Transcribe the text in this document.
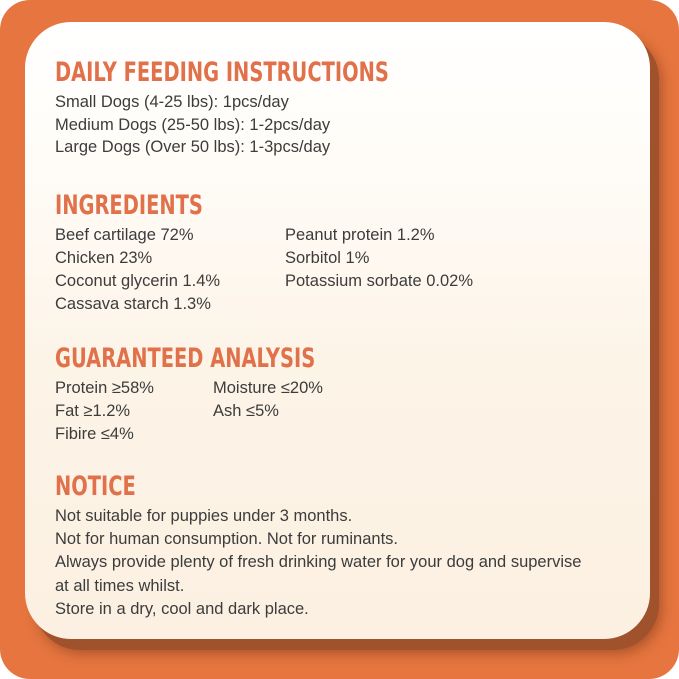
DAILY FEEDING INSTRUCTIONS
Small Dogs (4-25 lbs): 1pcs/day
Medium Dogs (25-50 lbs): 1-2pcs/day
Large Dogs (Over 50 lbs): 1-3pcs/day
INGREDIENTS
Beef cartilage 72%
Chicken 23%
Coconut glycerin 1.4%
Cassava starch 1.3%
Peanut protein 1.2%
Sorbitol 1%
Potassium sorbate 0.02%
GUARANTEED ANALYSIS
Protein ≥58%
Fat ≥1.2%
Fibire ≤4%
Moisture ≤20%
Ash ≤5%
NOTICE
Not suitable for puppies under 3 months.
Not for human consumption. Not for ruminants.
Always provide plenty of fresh drinking water for your dog and supervise
at all times whilst.
Store in a dry, cool and dark place.
